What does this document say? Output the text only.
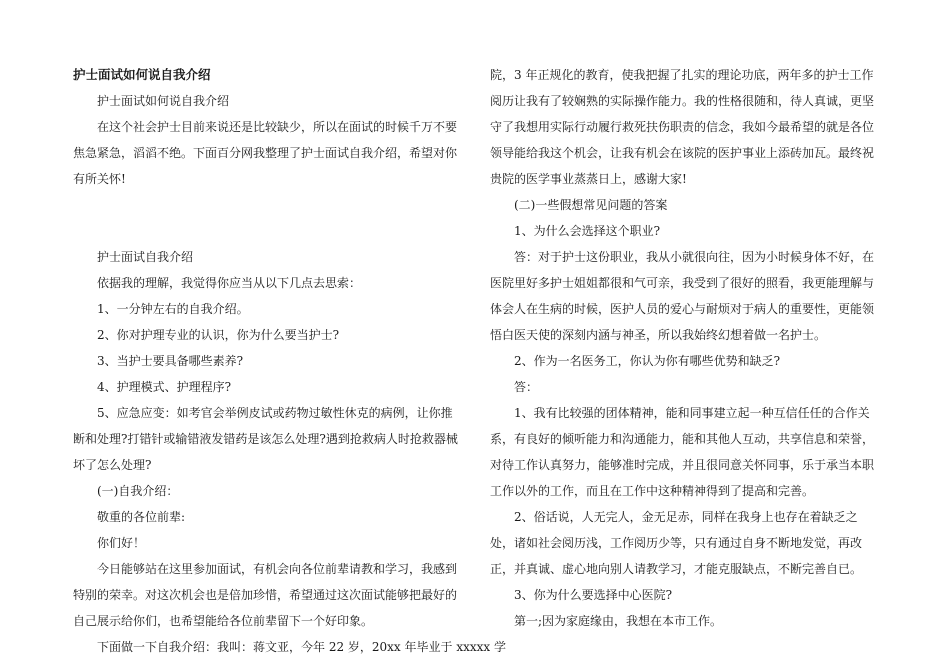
护士面试如何说自我介绍

护士面试如何说自我介绍

在这个社会护士目前来说还是比较缺少，所以在面试的时候千万不要焦急紧急，滔滔不绝。下面百分网我整理了护士面试自我介绍，希望对你有所关怀!

护士面试自我介绍

依据我的理解，我觉得你应当从以下几点去思索：

1、一分钟左右的自我介绍。

2、你对护理专业的认识，你为什么要当护士?

3、当护士要具备哪些素养?

4、护理模式、护理程序?

5、应急应变：如考官会举例皮试或药物过敏性休克的病例，让你推断和处理?打错针或输错液发错药是该怎么处理?遇到抢救病人时抢救器械坏了怎么处理?

(一)自我介绍：

敬重的各位前辈:

你们好！

今日能够站在这里参加面试，有机会向各位前辈请教和学习，我感到特别的荣幸。对这次机会也是倍加珍惜，希望通过这次面试能够把最好的自己展示给你们，也希望能给各位前辈留下一个好印象。

下面做一下自我介绍：我叫：蒋文亚，今年 22 岁，20xx 年毕业于 xxxxx 学

院，3 年正规化的教育，使我把握了扎实的理论功底，两年多的护士工作阅历让我有了较娴熟的实际操作能力。我的性格很随和，待人真诚，更坚守了我想用实际行动履行救死扶伤职责的信念，我如今最希望的就是各位领导能给我这个机会，让我有机会在该院的医护事业上添砖加瓦。最终祝贵院的医学事业蒸蒸日上，感谢大家!

(二)一些假想常见问题的答案

1、为什么会选择这个职业?

答：对于护士这份职业，我从小就很向往，因为小时候身体不好，在医院里好多护士姐姐都很和气可亲，我受到了很好的照看，我更能理解与体会人在生病的时候，医护人员的爱心与耐烦对于病人的重要性，更能领悟白医天使的深刻内涵与神圣，所以我始终幻想着做一名护士。

2、作为一名医务工，你认为你有哪些优势和缺乏?

答：

1、我有比较强的团体精神，能和同事建立起一种互信任任的合作关系，有良好的倾听能力和沟通能力，能和其他人互动，共享信息和荣誉，对待工作认真努力，能够准时完成，并且很同意关怀同事，乐于承当本职工作以外的工作，而且在工作中这种精神得到了提高和完善。

2、俗话说，人无完人，金无足赤，同样在我身上也存在着缺乏之处，诸如社会阅历浅，工作阅历少等，只有通过自身不断地发觉，再改正，并真诚、虚心地向别人请教学习，才能克服缺点，不断完善自已。

3、你为什么要选择中心医院?

第一;因为家庭缘由，我想在本市工作。
